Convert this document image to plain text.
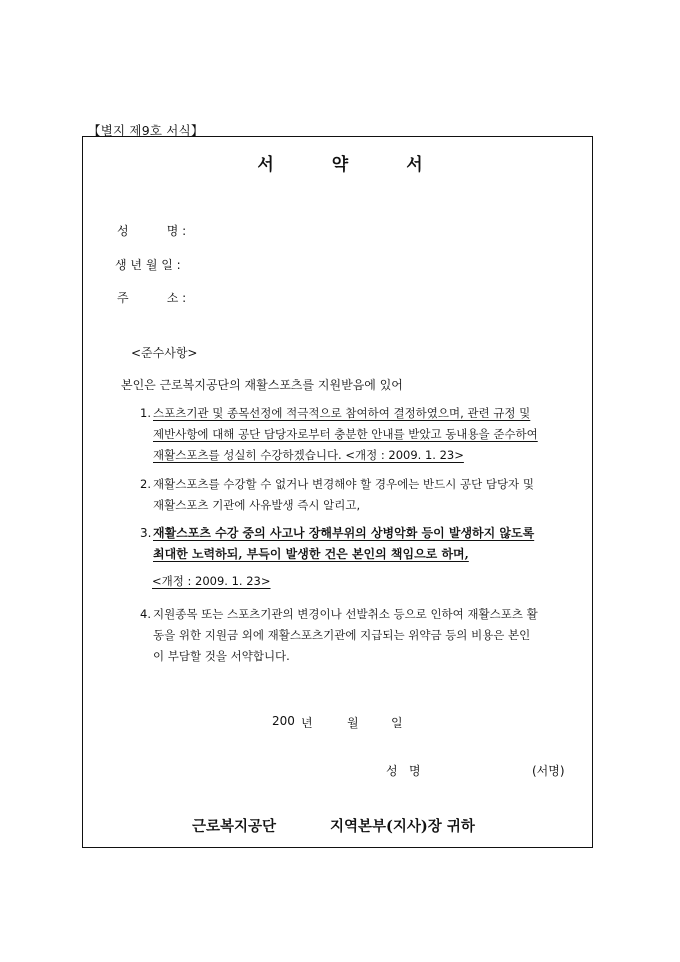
【별지 제9호 서식】
서	약	서
성          명 :
생 년 월 일 :
주          소 :
<준수사항>
본인은 근로복지공단의 재활스포츠를 지원받음에 있어
1. 스포츠기관 및 종목선정에 적극적으로 참여하여 결정하였으며, 관련 규정 및
제반사항에 대해 공단 담당자로부터 충분한 안내를 받았고 동내용을 준수하여
재활스포츠를 성실히 수강하겠습니다. <개정 : 2009. 1. 23>
2. 재활스포츠를 수강할 수 없거나 변경해야 할 경우에는 반드시 공단 담당자 및
재활스포츠 기관에 사유발생 즉시 알리고,
3. 재활스포츠 수강 중의 사고나 장해부위의 상병악화 등이 발생하지 않도록
최대한 노력하되, 부득이 발생한 건은 본인의 책임으로 하며,
<개정 : 2009. 1. 23>
4. 지원종목 또는 스포츠기관의 변경이나 선발취소 등으로 인하여 재활스포츠 활
동을 위한 지원금 외에 재활스포츠기관에 지급되는 위약금 등의 비용은 본인
이 부담할 것을 서약합니다.
200 년	월	일
성   명	(서명)
근로복지공단	지역본부(지사)장 귀하
